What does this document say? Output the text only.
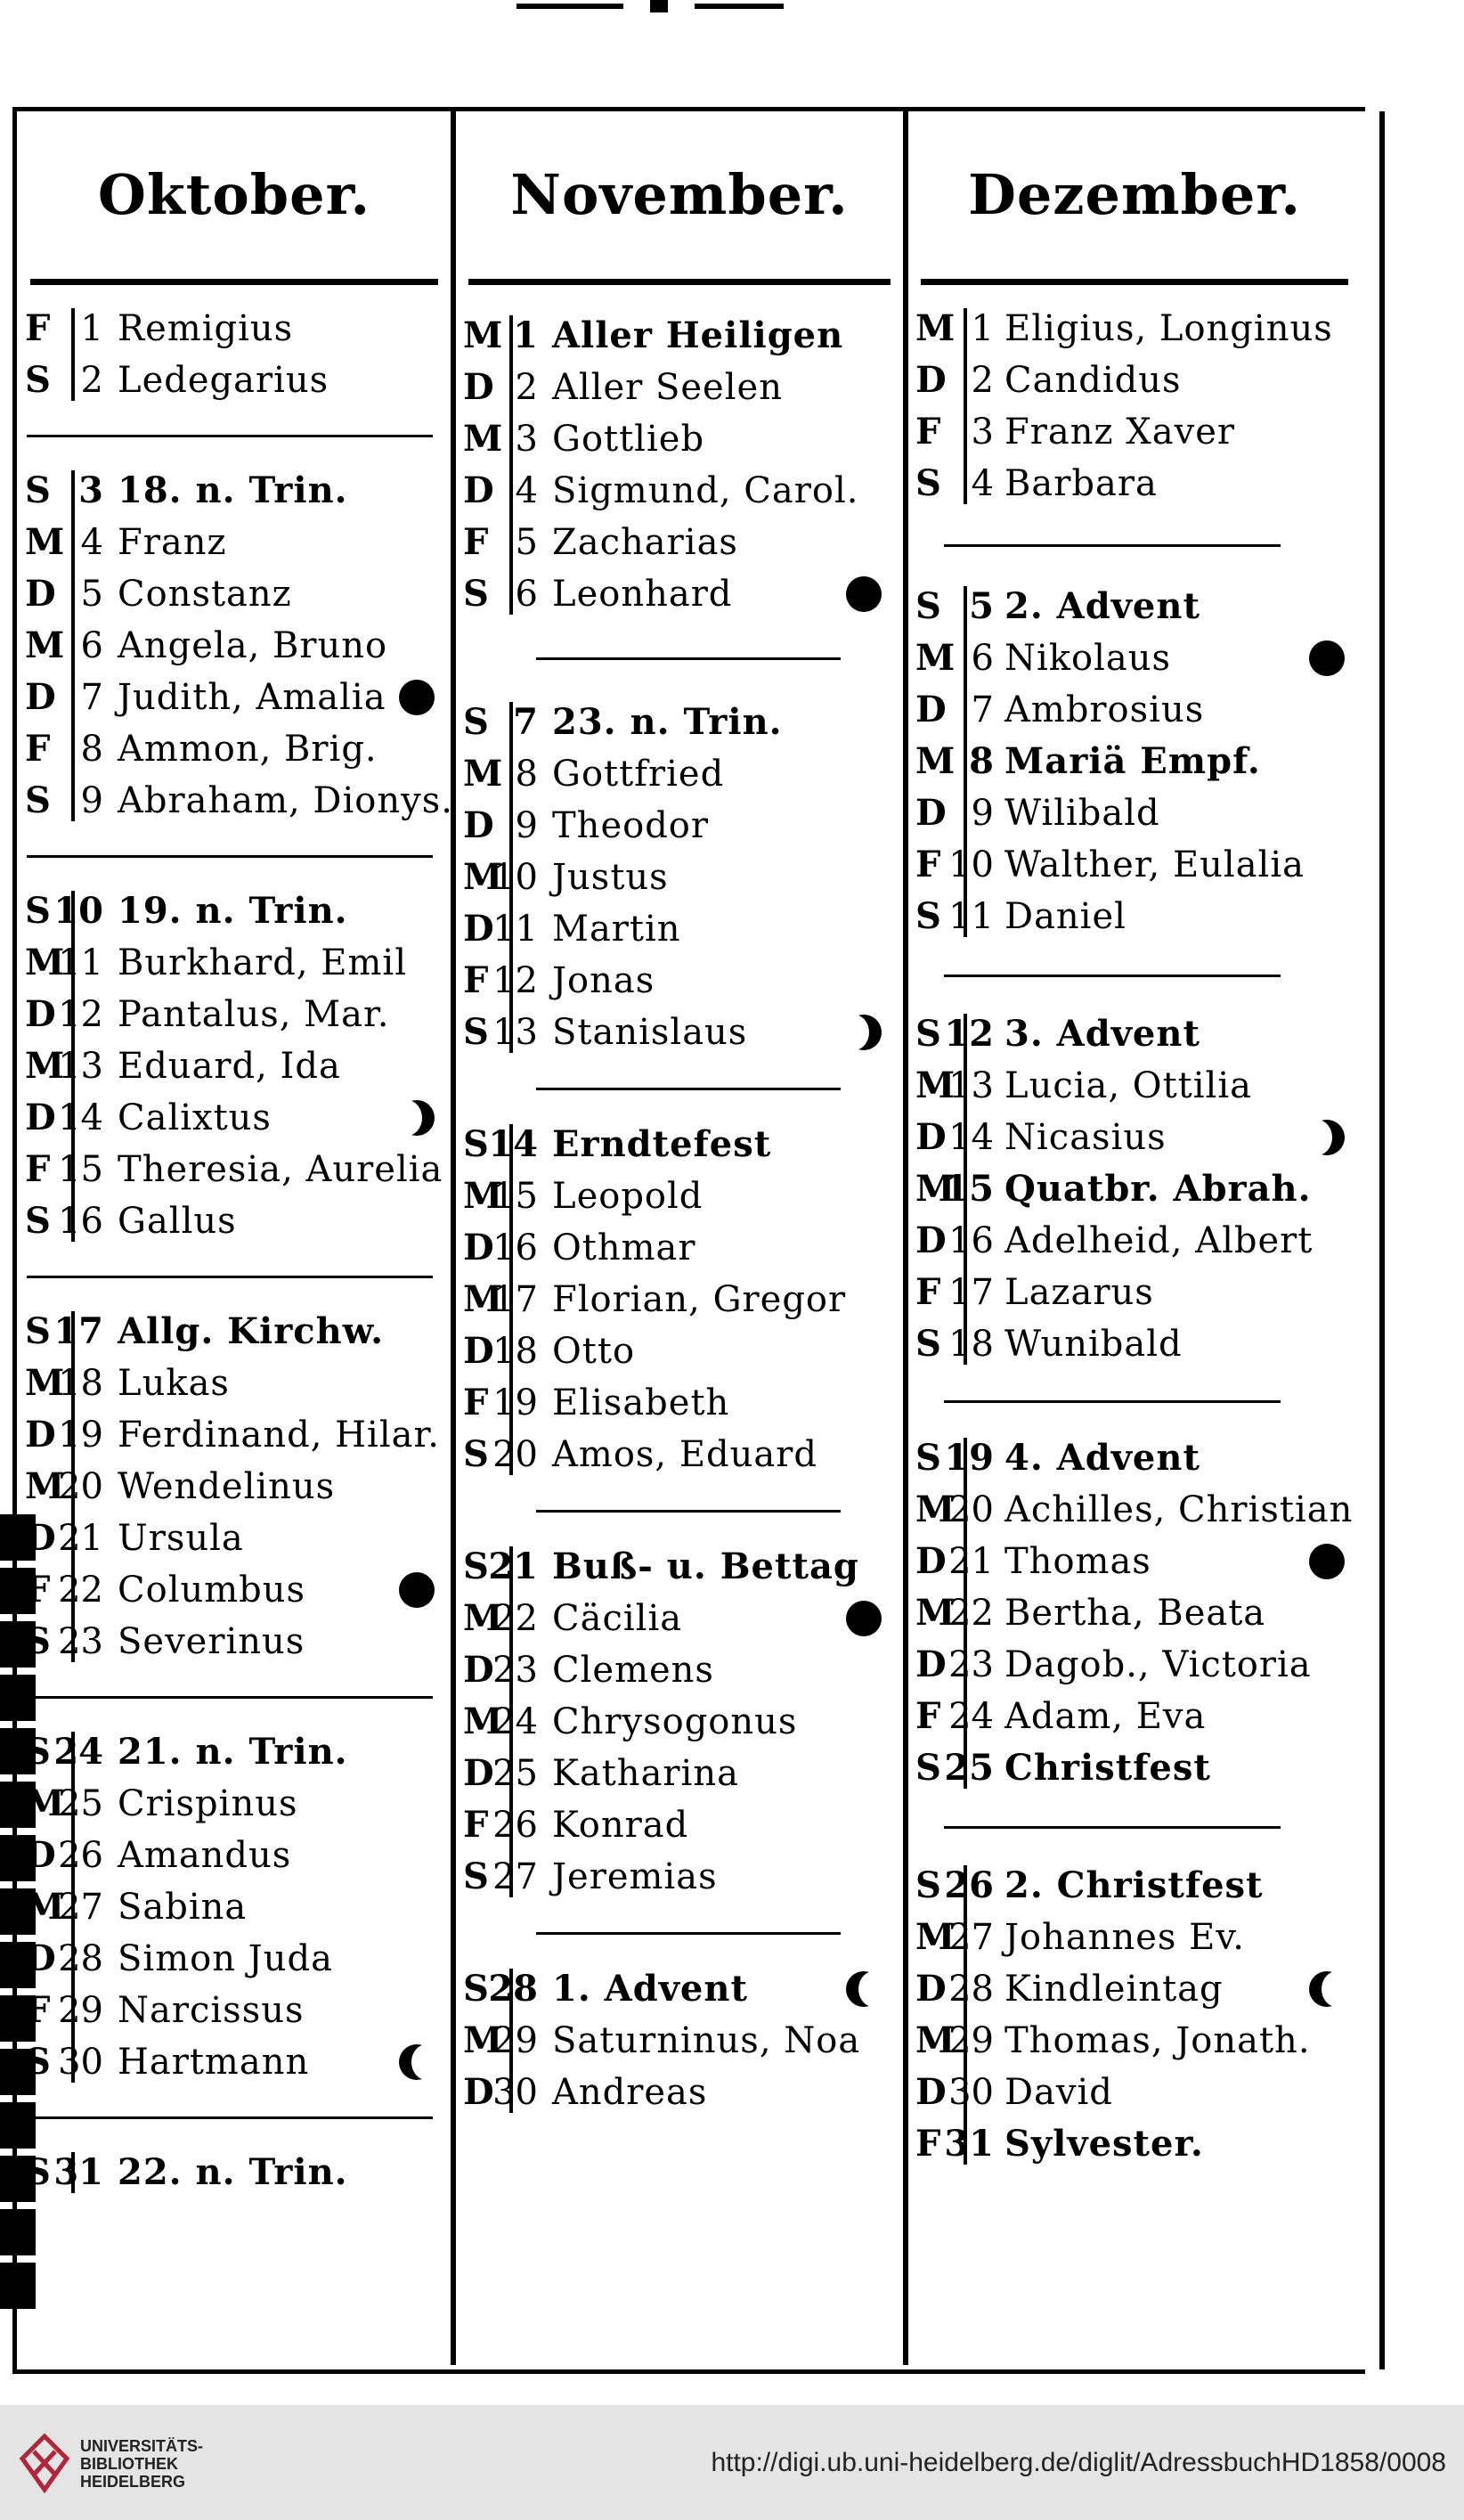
Oktober.
F 1 Remigius
S 2 Ledegarius
S 3 18. n. Trin.
M 4 Franz
D 5 Constanz
M 6 Angela, Bruno
D 7 Judith, Amalia
F 8 Ammon, Brig.
S 9 Abraham, Dionys.
S 10 19. n. Trin.
M
11 Burkhard, Emil
D 12 Pantalus, Mar.
M
13 Eduard, Ida
D 14 Calixtus
F 15 Theresia, Aurelia
S 16 Gallus
S 17 Allg. Kirchw.
M
18 Lukas
D 19 Ferdinand, Hilar.
M
20 Wendelinus
D 21 Ursula
F 22 Columbus
S 23 Severinus
S 24 21. n. Trin.
M
25 Crispinus
D 26 Amandus
M
27 Sabina
D 28 Simon Juda
F 29 Narcissus
S 30 Hartmann
S 31 22. n. Trin.
November.
M 1 Aller Heiligen
D 2 Aller Seelen
M 3 Gottlieb
D 4 Sigmund, Carol.
F 5 Zacharias
S 6 Leonhard
S 7 23. n. Trin.
M 8 Gottfried
D 9 Theodor
M
10 Justus
D
11 Martin
F 12 Jonas
S 13 Stanislaus
S 14 Erndtefest
M
15 Leopold
D
16 Othmar
M
17 Florian, Gregor
D
18 Otto
F 19 Elisabeth
S 20 Amos, Eduard
S 21 Buß- u. Bettag
M
22 Cäcilia
D
23 Clemens
M
24 Chrysogonus
D
25 Katharina
F 26 Konrad
S 27 Jeremias
S 28 1. Advent
M
29 Saturninus, Noa
D
30 Andreas
Dezember.
M 1 Eligius, Longinus
D 2 Candidus
F 3 Franz Xaver
S 4 Barbara
S 5 2. Advent
M 6 Nikolaus
D 7 Ambrosius
M 8 Mariä Empf.
D 9 Wilibald
F 10 Walther, Eulalia
S 11 Daniel
S 12 3. Advent
M
13 Lucia, Ottilia
D 14 Nicasius
M
15 Quatbr. Abrah.
D 16 Adelheid, Albert
F 17 Lazarus
S 18 Wunibald
S 19 4. Advent
M
20 Achilles, Christian
D 21 Thomas
M
22 Bertha, Beata
D 23 Dagob., Victoria
F 24 Adam, Eva
S 25 Christfest
S 26 2. Christfest
M
27 Johannes Ev.
D 28 Kindleintag
M
29 Thomas, Jonath.
D 30 David
F 31 Sylvester.
UNIVERSITÄTS-
BIBLIOTHEK
HEIDELBERG
http://digi.ub.uni-heidelberg.de/diglit/AdressbuchHD1858/0008
